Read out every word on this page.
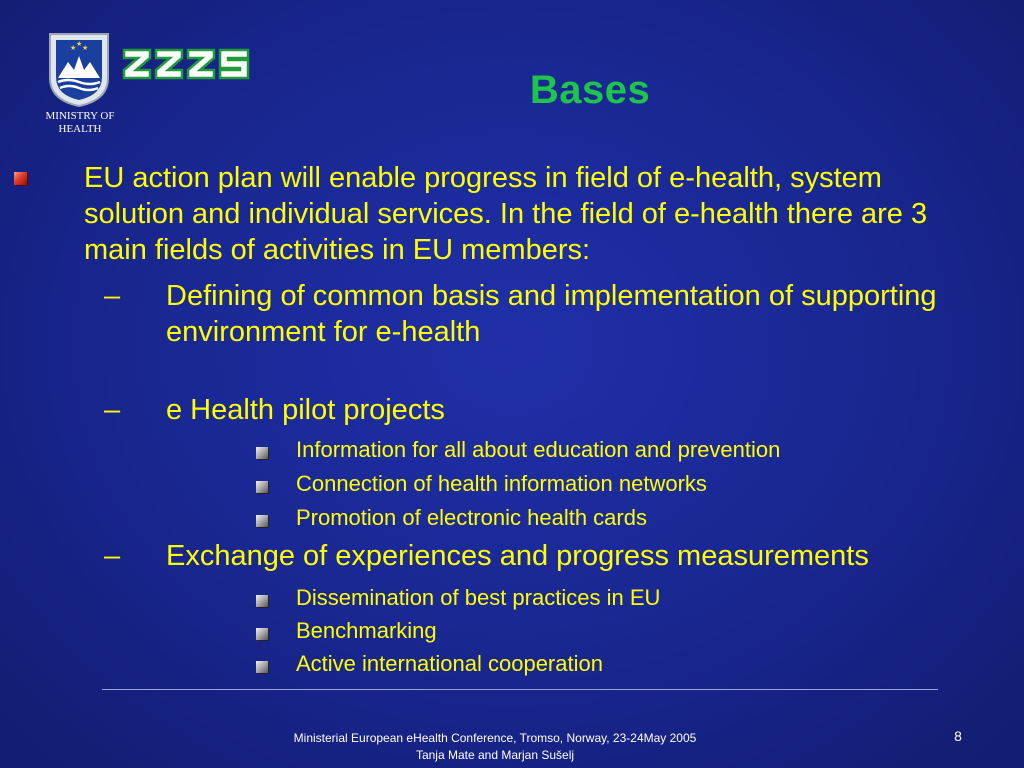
★ ★ ★
MINISTRY OF
HEALTH
Bases
EU action plan will enable progress in field of e-health, system solution and individual services. In the field of e-health there are 3 main fields of activities in EU members:
– Defining of common basis and implementation of supporting environment for e-health
– e Health pilot projects
Information for all about education and prevention
Connection of health information networks
Promotion of electronic health cards
– Exchange of experiences and progress measurements
Dissemination of best practices in EU
Benchmarking
Active international cooperation
Ministerial European eHealth Conference, Tromso, Norway, 23-24May 2005
Tanja Mate and Marjan Sušelj
8
